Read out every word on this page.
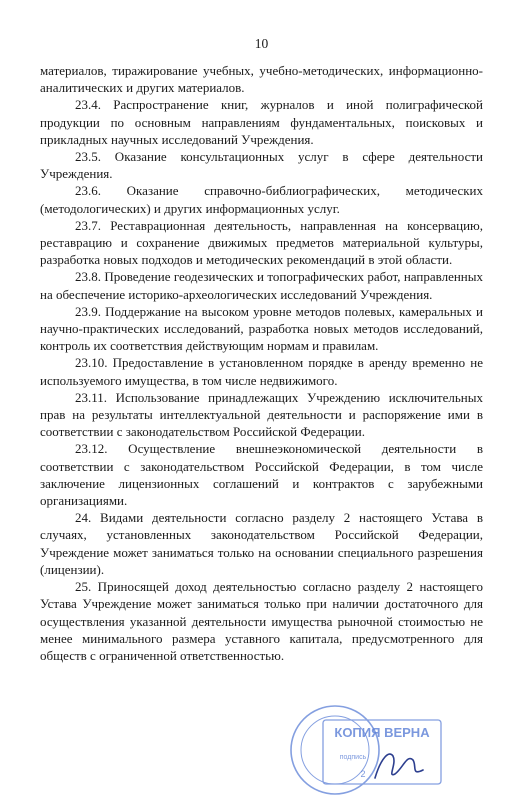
10

материалов, тиражирование учебных, учебно-методических, информационно-аналитических и других материалов.

23.4. Распространение книг, журналов и иной полиграфической продукции по основным направлениям фундаментальных, поисковых и прикладных научных исследований Учреждения.

23.5. Оказание консультационных услуг в сфере деятельности Учреждения.

23.6. Оказание справочно-библиографических, методических (методологических) и других информационных услуг.

23.7. Реставрационная деятельность, направленная на консервацию, реставрацию и сохранение движимых предметов материальной культуры, разработка новых подходов и методических рекомендаций в этой области.

23.8. Проведение геодезических и топографических работ, направленных на обеспечение историко-археологических исследований Учреждения.

23.9. Поддержание на высоком уровне методов полевых, камеральных и научно-практических исследований, разработка новых методов исследований, контроль их соответствия действующим нормам и правилам.

23.10. Предоставление в установленном порядке в аренду временно не используемого имущества, в том числе недвижимого.

23.11. Использование принадлежащих Учреждению исключительных прав на результаты интеллектуальной деятельности и распоряжение ими в соответствии с законодательством Российской Федерации.

23.12. Осуществление внешнеэкономической деятельности в соответствии с законодательством Российской Федерации, в том числе заключение лицензионных соглашений и контрактов с зарубежными организациями.

24. Видами деятельности согласно разделу 2 настоящего Устава в случаях, установленных законодательством Российской Федерации, Учреждение может заниматься только на основании специального разрешения (лицензии).

25. Приносящей доход деятельностью согласно разделу 2 настоящего Устава Учреждение может заниматься только при наличии достаточного для осуществления указанной деятельности имущества рыночной стоимостью не менее минимального размера уставного капитала, предусмотренного для обществ с ограниченной ответственностью.

КОПИЯ ВЕРНА
подпись
2
